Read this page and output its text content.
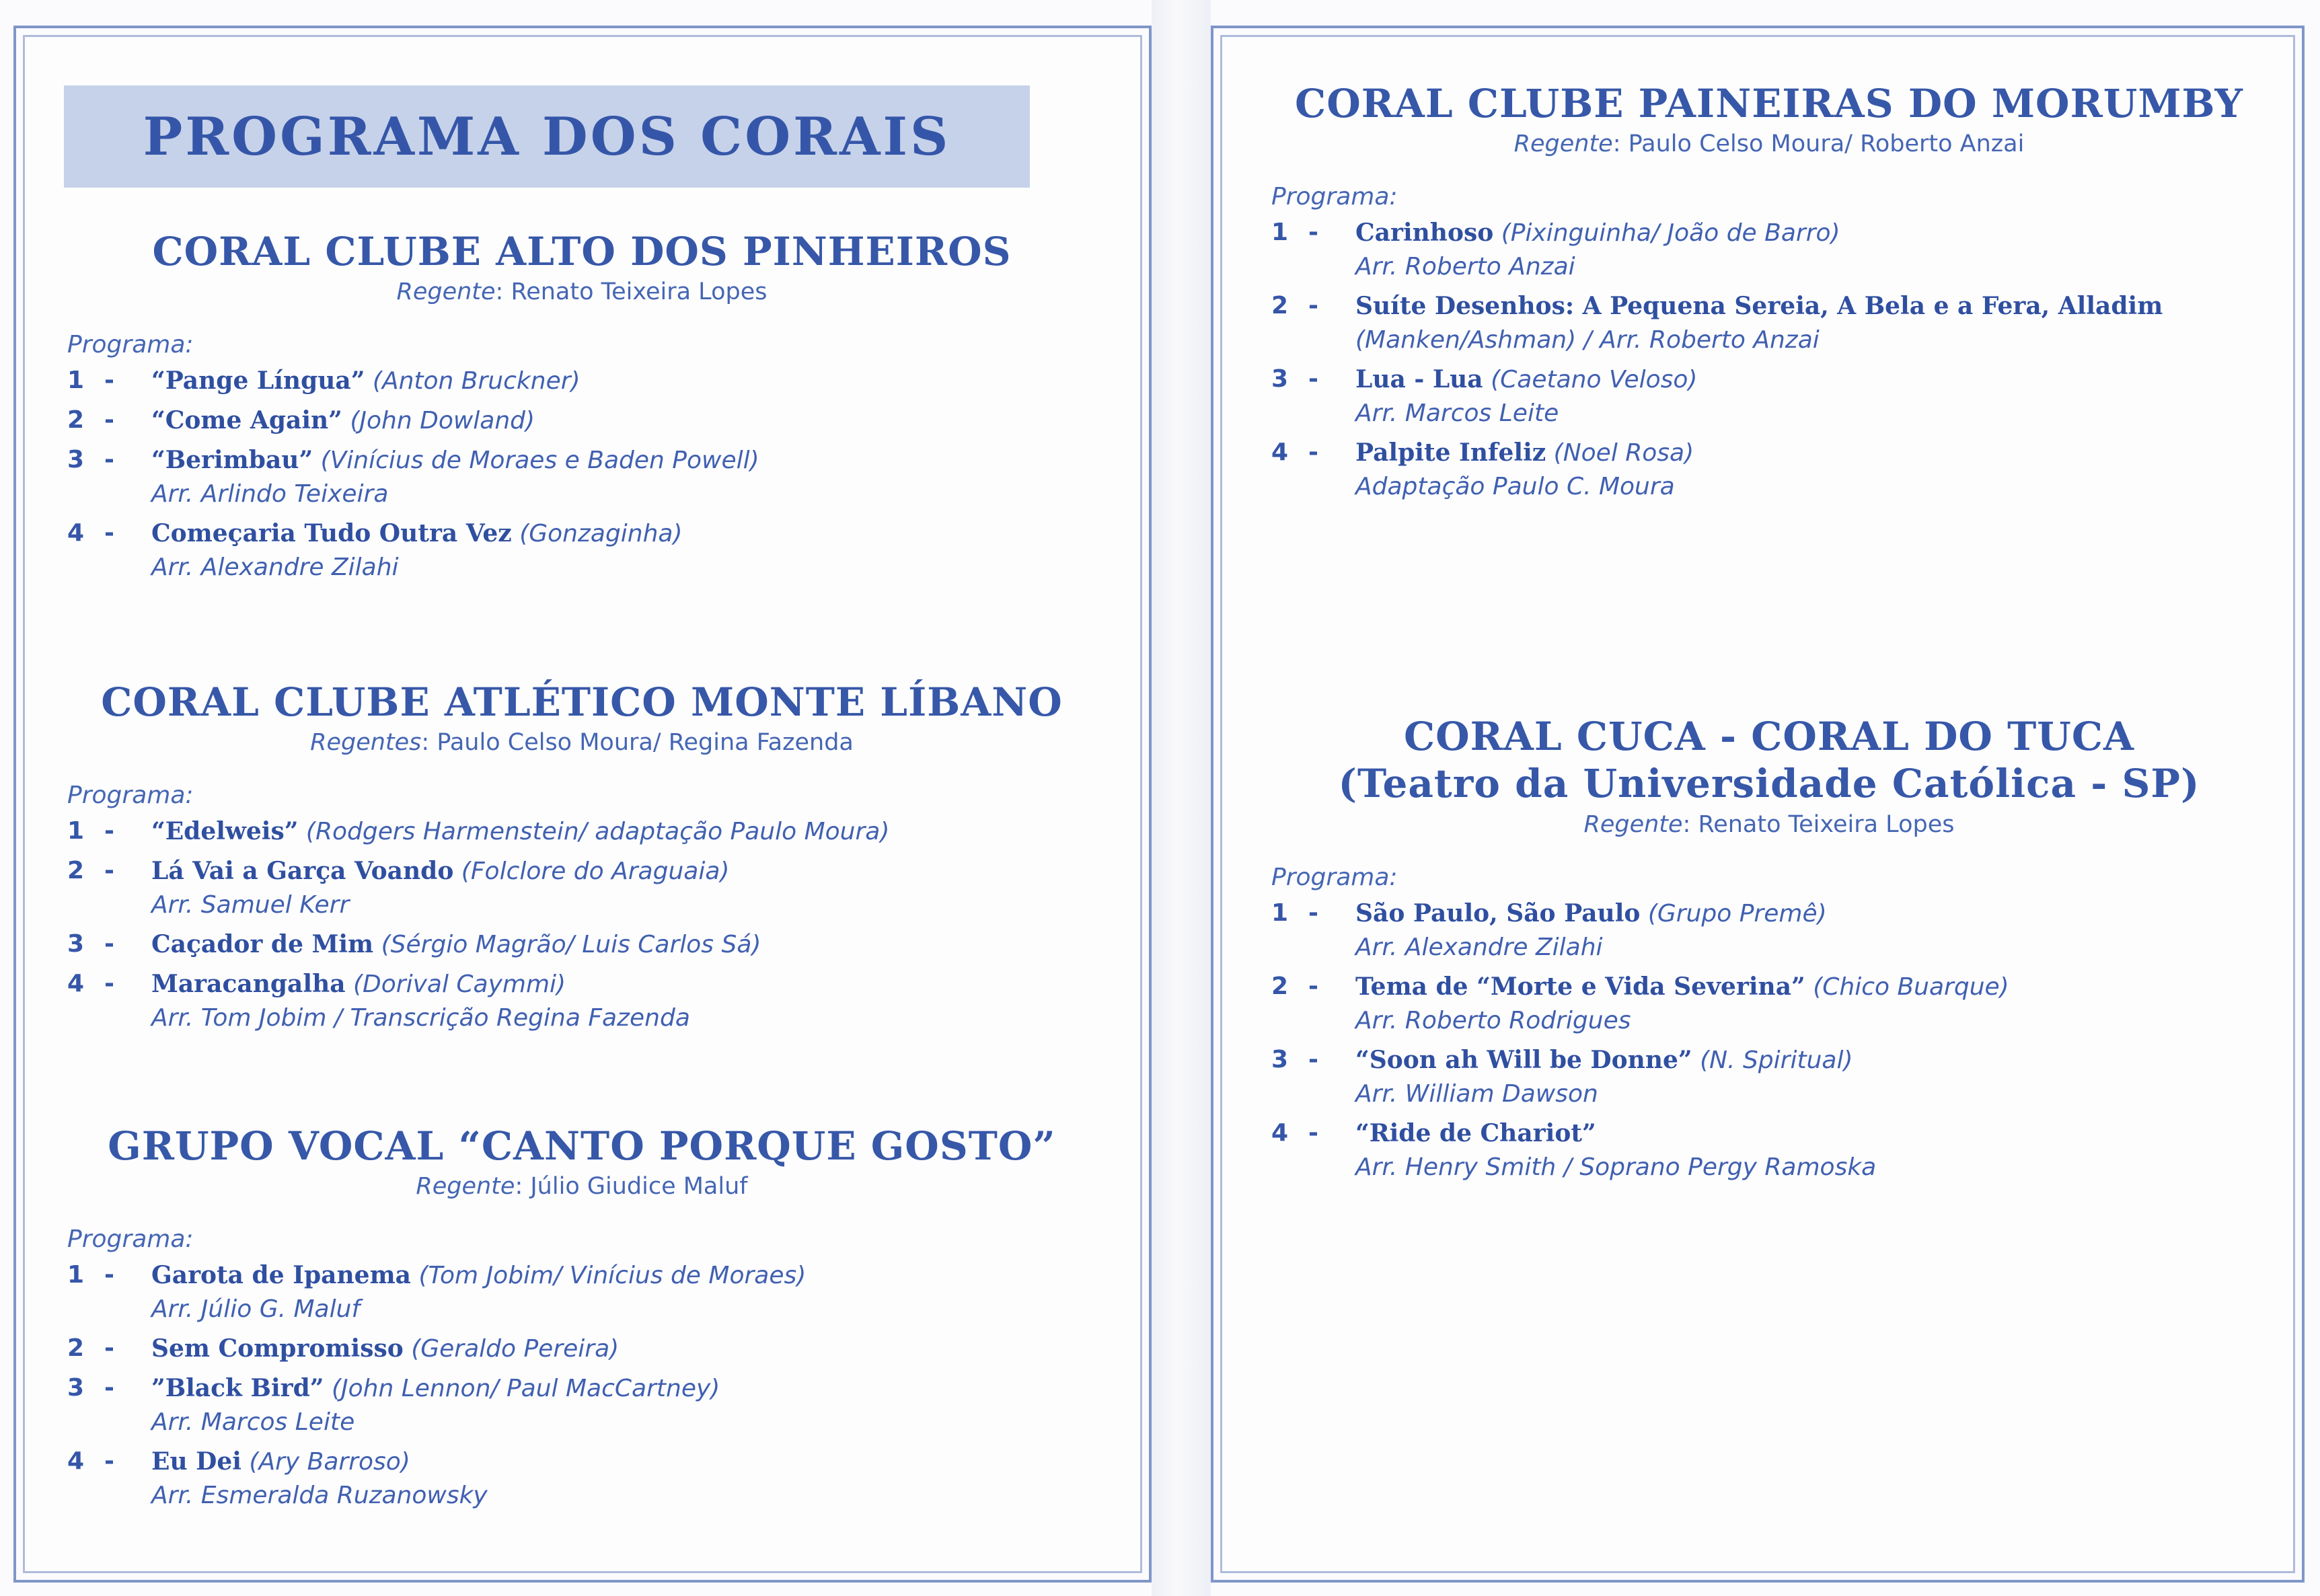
PROGRAMA DOS CORAIS
CORAL CLUBE ALTO DOS PINHEIROS
Regente: Renato Teixeira Lopes
Programa:
1 -	“Pange Língua” (Anton Bruckner)
2 -	“Come Again” (John Dowland)
3 -	“Berimbau” (Vinícius de Moraes e Baden Powell)
Arr. Arlindo Teixeira
4 -	Começaria Tudo Outra Vez (Gonzaginha)
Arr. Alexandre Zilahi
CORAL CLUBE ATLÉTICO MONTE LÍBANO
Regentes: Paulo Celso Moura/ Regina Fazenda
Programa:
1 -	“Edelweis” (Rodgers Harmenstein/ adaptação Paulo Moura)
2 -	Lá Vai a Garça Voando (Folclore do Araguaia)
Arr. Samuel Kerr
3 -	Caçador de Mim (Sérgio Magrão/ Luis Carlos Sá)
4 -	Maracangalha (Dorival Caymmi)
Arr. Tom Jobim / Transcrição Regina Fazenda
GRUPO VOCAL “CANTO PORQUE GOSTO”
Regente: Júlio Giudice Maluf
Programa:
1 -	Garota de Ipanema (Tom Jobim/ Vinícius de Moraes)
Arr. Júlio G. Maluf
2 -	Sem Compromisso (Geraldo Pereira)
3 -	”Black Bird” (John Lennon/ Paul MacCartney)
Arr. Marcos Leite
4 -	Eu Dei (Ary Barroso)
Arr. Esmeralda Ruzanowsky
CORAL CLUBE PAINEIRAS DO MORUMBY
Regente: Paulo Celso Moura/ Roberto Anzai
Programa:
1 -	Carinhoso (Pixinguinha/ João de Barro)
Arr. Roberto Anzai
2 -	Suíte Desenhos: A Pequena Sereia, A Bela e a Fera, Alladim
(Manken/Ashman) / Arr. Roberto Anzai
3 -	Lua - Lua (Caetano Veloso)
Arr. Marcos Leite
4 -	Palpite Infeliz (Noel Rosa)
Adaptação Paulo C. Moura
CORAL CUCA - CORAL DO TUCA
(Teatro da Universidade Católica - SP)
Regente: Renato Teixeira Lopes
Programa:
1 -	São Paulo, São Paulo (Grupo Premê)
Arr. Alexandre Zilahi
2 -	Tema de “Morte e Vida Severina” (Chico Buarque)
Arr. Roberto Rodrigues
3 -	“Soon ah Will be Donne” (N. Spiritual)
Arr. William Dawson
4 -	“Ride de Chariot”
Arr. Henry Smith / Soprano Pergy Ramoska
